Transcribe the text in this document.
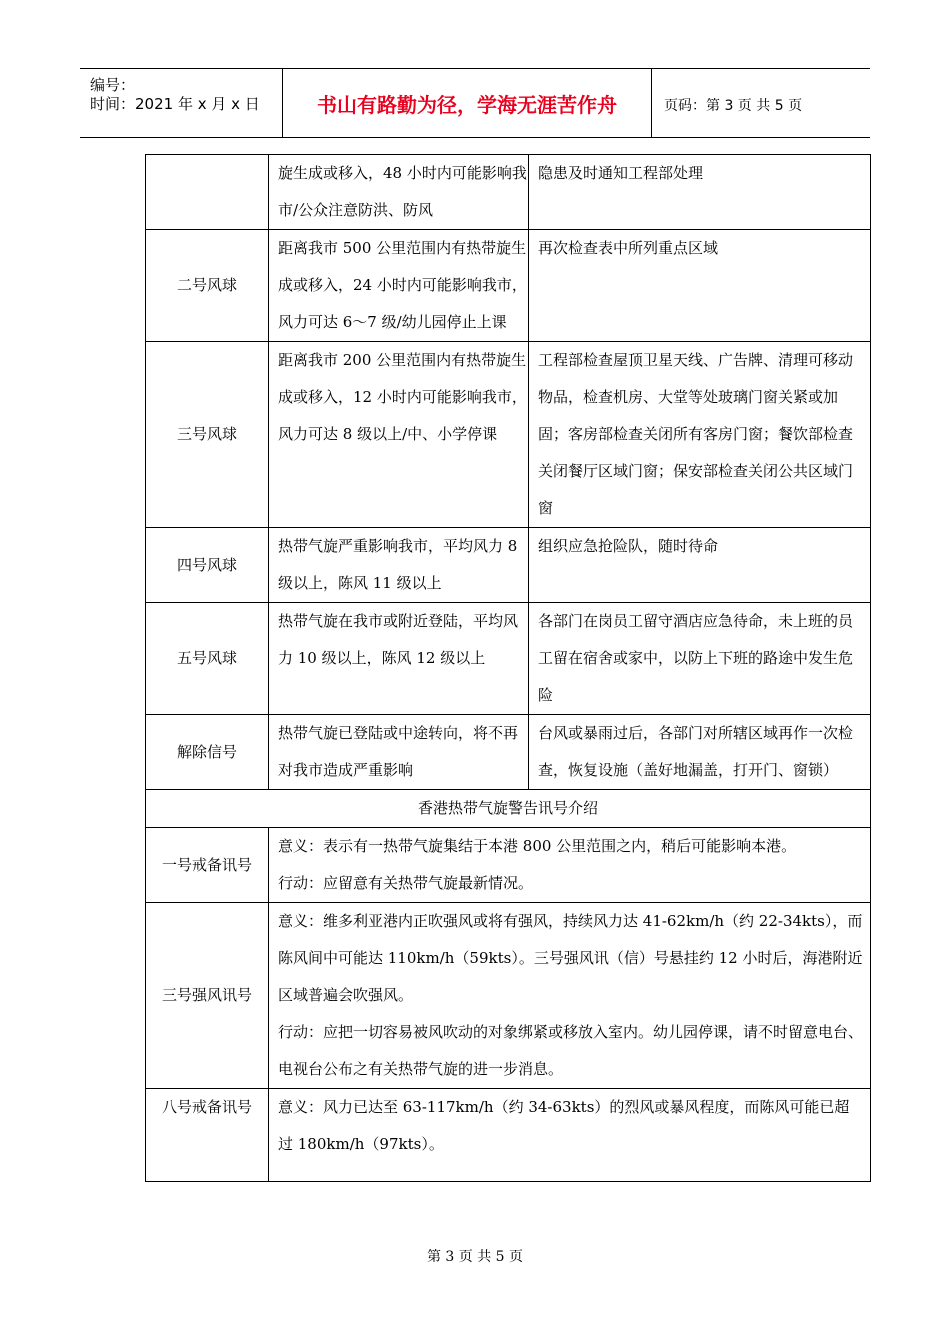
编号：
时间：2021 年 x 月 x 日	书山有路勤为径，学海无涯苦作舟	页码：第 3 页 共 5 页
	旋生成或移入，48 小时内可能影响我市/公众注意防洪、防风	隐患及时通知工程部处理
二号风球	距离我市 500 公里范围内有热带旋生成或移入，24 小时内可能影响我市，风力可达 6～7 级/幼儿园停止上课	再次检查表中所列重点区域
三号风球	距离我市 200 公里范围内有热带旋生成或移入，12 小时内可能影响我市，风力可达 8 级以上/中、小学停课	工程部检查屋顶卫星天线、广告牌、清理可移动物品，检查机房、大堂等处玻璃门窗关紧或加固；客房部检查关闭所有客房门窗；餐饮部检查关闭餐厅区域门窗；保安部检查关闭公共区域门窗
四号风球	热带气旋严重影响我市，平均风力 8 级以上，陈风 11 级以上	组织应急抢险队，随时待命
五号风球	热带气旋在我市或附近登陆，平均风力 10 级以上，陈风 12 级以上	各部门在岗员工留守酒店应急待命，未上班的员工留在宿舍或家中，以防上下班的路途中发生危险
解除信号	热带气旋已登陆或中途转向，将不再对我市造成严重影响	台风或暴雨过后，各部门对所辖区域再作一次检查，恢复设施（盖好地漏盖，打开门、窗锁）
香港热带气旋警告讯号介绍		
一号戒备讯号	意义：表示有一热带气旋集结于本港 800 公里范围之内，稍后可能影响本港。
行动：应留意有关热带气旋最新情况。	

三号强风讯号	意义：维多利亚港内正吹强风或将有强风，持续风力达 41-62km/h（约 22-34kts），而陈风间中可能达 110km/h（59kts）。三号强风讯（信）号悬挂约 12 小时后，海港附近区域普遍会吹强风。
行动：应把一切容易被风吹动的对象绑紧或移放入室内。幼儿园停课，请不时留意电台、电视台公布之有关热带气旋的进一步消息。	

八号戒备讯号	意义：风力已达至 63-117km/h（约 34-63kts）的烈风或暴风程度，而陈风可能已超过 180km/h（97kts）。	
第 3 页 共 5 页
